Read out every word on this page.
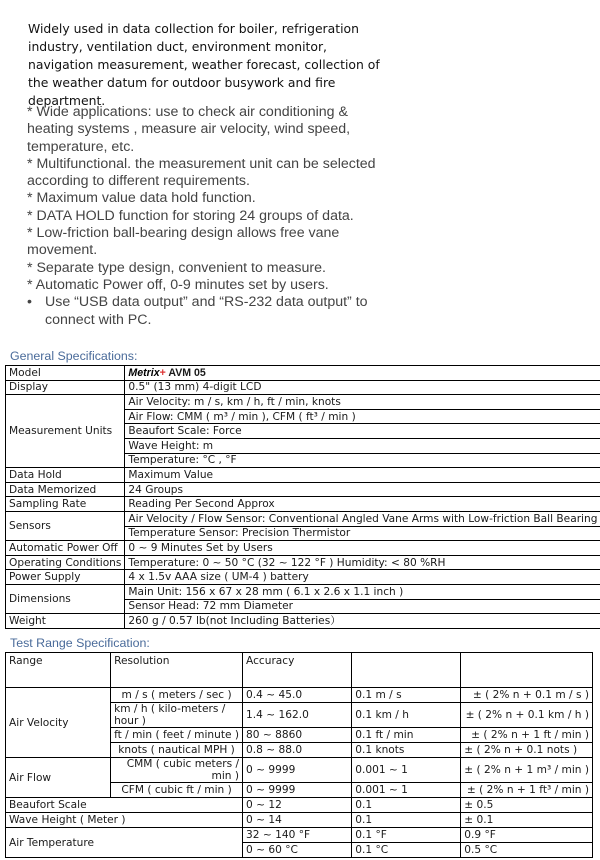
Widely used in data collection for boiler, refrigeration industry, ventilation duct, environment monitor, navigation measurement, weather forecast, collection of the weather datum for outdoor busywork and fire department.

* Wide applications: use to check air conditioning & heating systems , measure air velocity, wind speed, temperature, etc.

* Multifunctional. the measurement unit can be selected according to different requirements.

* Maximum value data hold function.

* DATA HOLD function for storing 24 groups of data.

* Low-friction ball-bearing design allows free vane movement.

* Separate type design, convenient to measure.

* Automatic Power off, 0-9 minutes set by users.

• Use “USB data output” and “RS-232 data output” to connect with PC.
General Specifications:
Model	Metrix+ AVM 05
Display	0.5" (13 mm) 4-digit LCD
Measurement Units	Air Velocity: m / s, km / h, ft / min, knots
	Air Flow: CMM ( m³ / min ), CFM ( ft³ / min )
	Beaufort Scale: Force
	Wave Height: m
	Temperature: °C , °F
Data Hold	Maximum Value
Data Memorized	24 Groups
Sampling Rate	Reading Per Second Approx
Sensors	Air Velocity / Flow Sensor: Conventional Angled Vane Arms with Low-friction Ball Bearing
	Temperature Sensor: Precision Thermistor
Automatic Power Off	0 ~ 9 Minutes Set by Users
Operating Conditions	Temperature: 0 ~ 50 °C (32 ~ 122 °F ) Humidity: < 80 %RH
Power Supply	4 x 1.5v AAA size ( UM-4 ) battery
Dimensions	Main Unit: 156 x 67 x 28 mm ( 6.1 x 2.6 x 1.1 inch )
	Sensor Head: 72 mm Diameter
Weight	260 g / 0.57 lb(not Including Batteries）
Test Range Specification:
Range	Resolution	Accuracy		
Air Velocity	m / s ( meters / sec )	0.4 ~ 45.0	0.1 m / s	± ( 2% n + 0.1 m / s )
	km / h ( kilo-meters / hour )	1.4 ~ 162.0	0.1 km / h	± ( 2% n + 0.1 km / h )
	ft / min ( feet / minute )	80 ~ 8860	0.1 ft / min	± ( 2% n + 1 ft / min )
	knots ( nautical MPH )	0.8 ~ 88.0	0.1 knots	± ( 2% n + 0.1 nots )
Air Flow	CMM ( cubic meters / min )	0 ~ 9999	0.001 ~ 1	± ( 2% n + 1 m³ / min )
	CFM ( cubic ft / min )	0 ~ 9999	0.001 ~ 1	± ( 2% n + 1 ft³ / min )
Beaufort Scale		0 ~ 12	0.1	± 0.5
Wave Height ( Meter )		0 ~ 14	0.1	± 0.1
Air Temperature		32 ~ 140 °F	0.1 °F	0.9 °F
		0 ~ 60 °C	0.1 °C	0.5 °C
